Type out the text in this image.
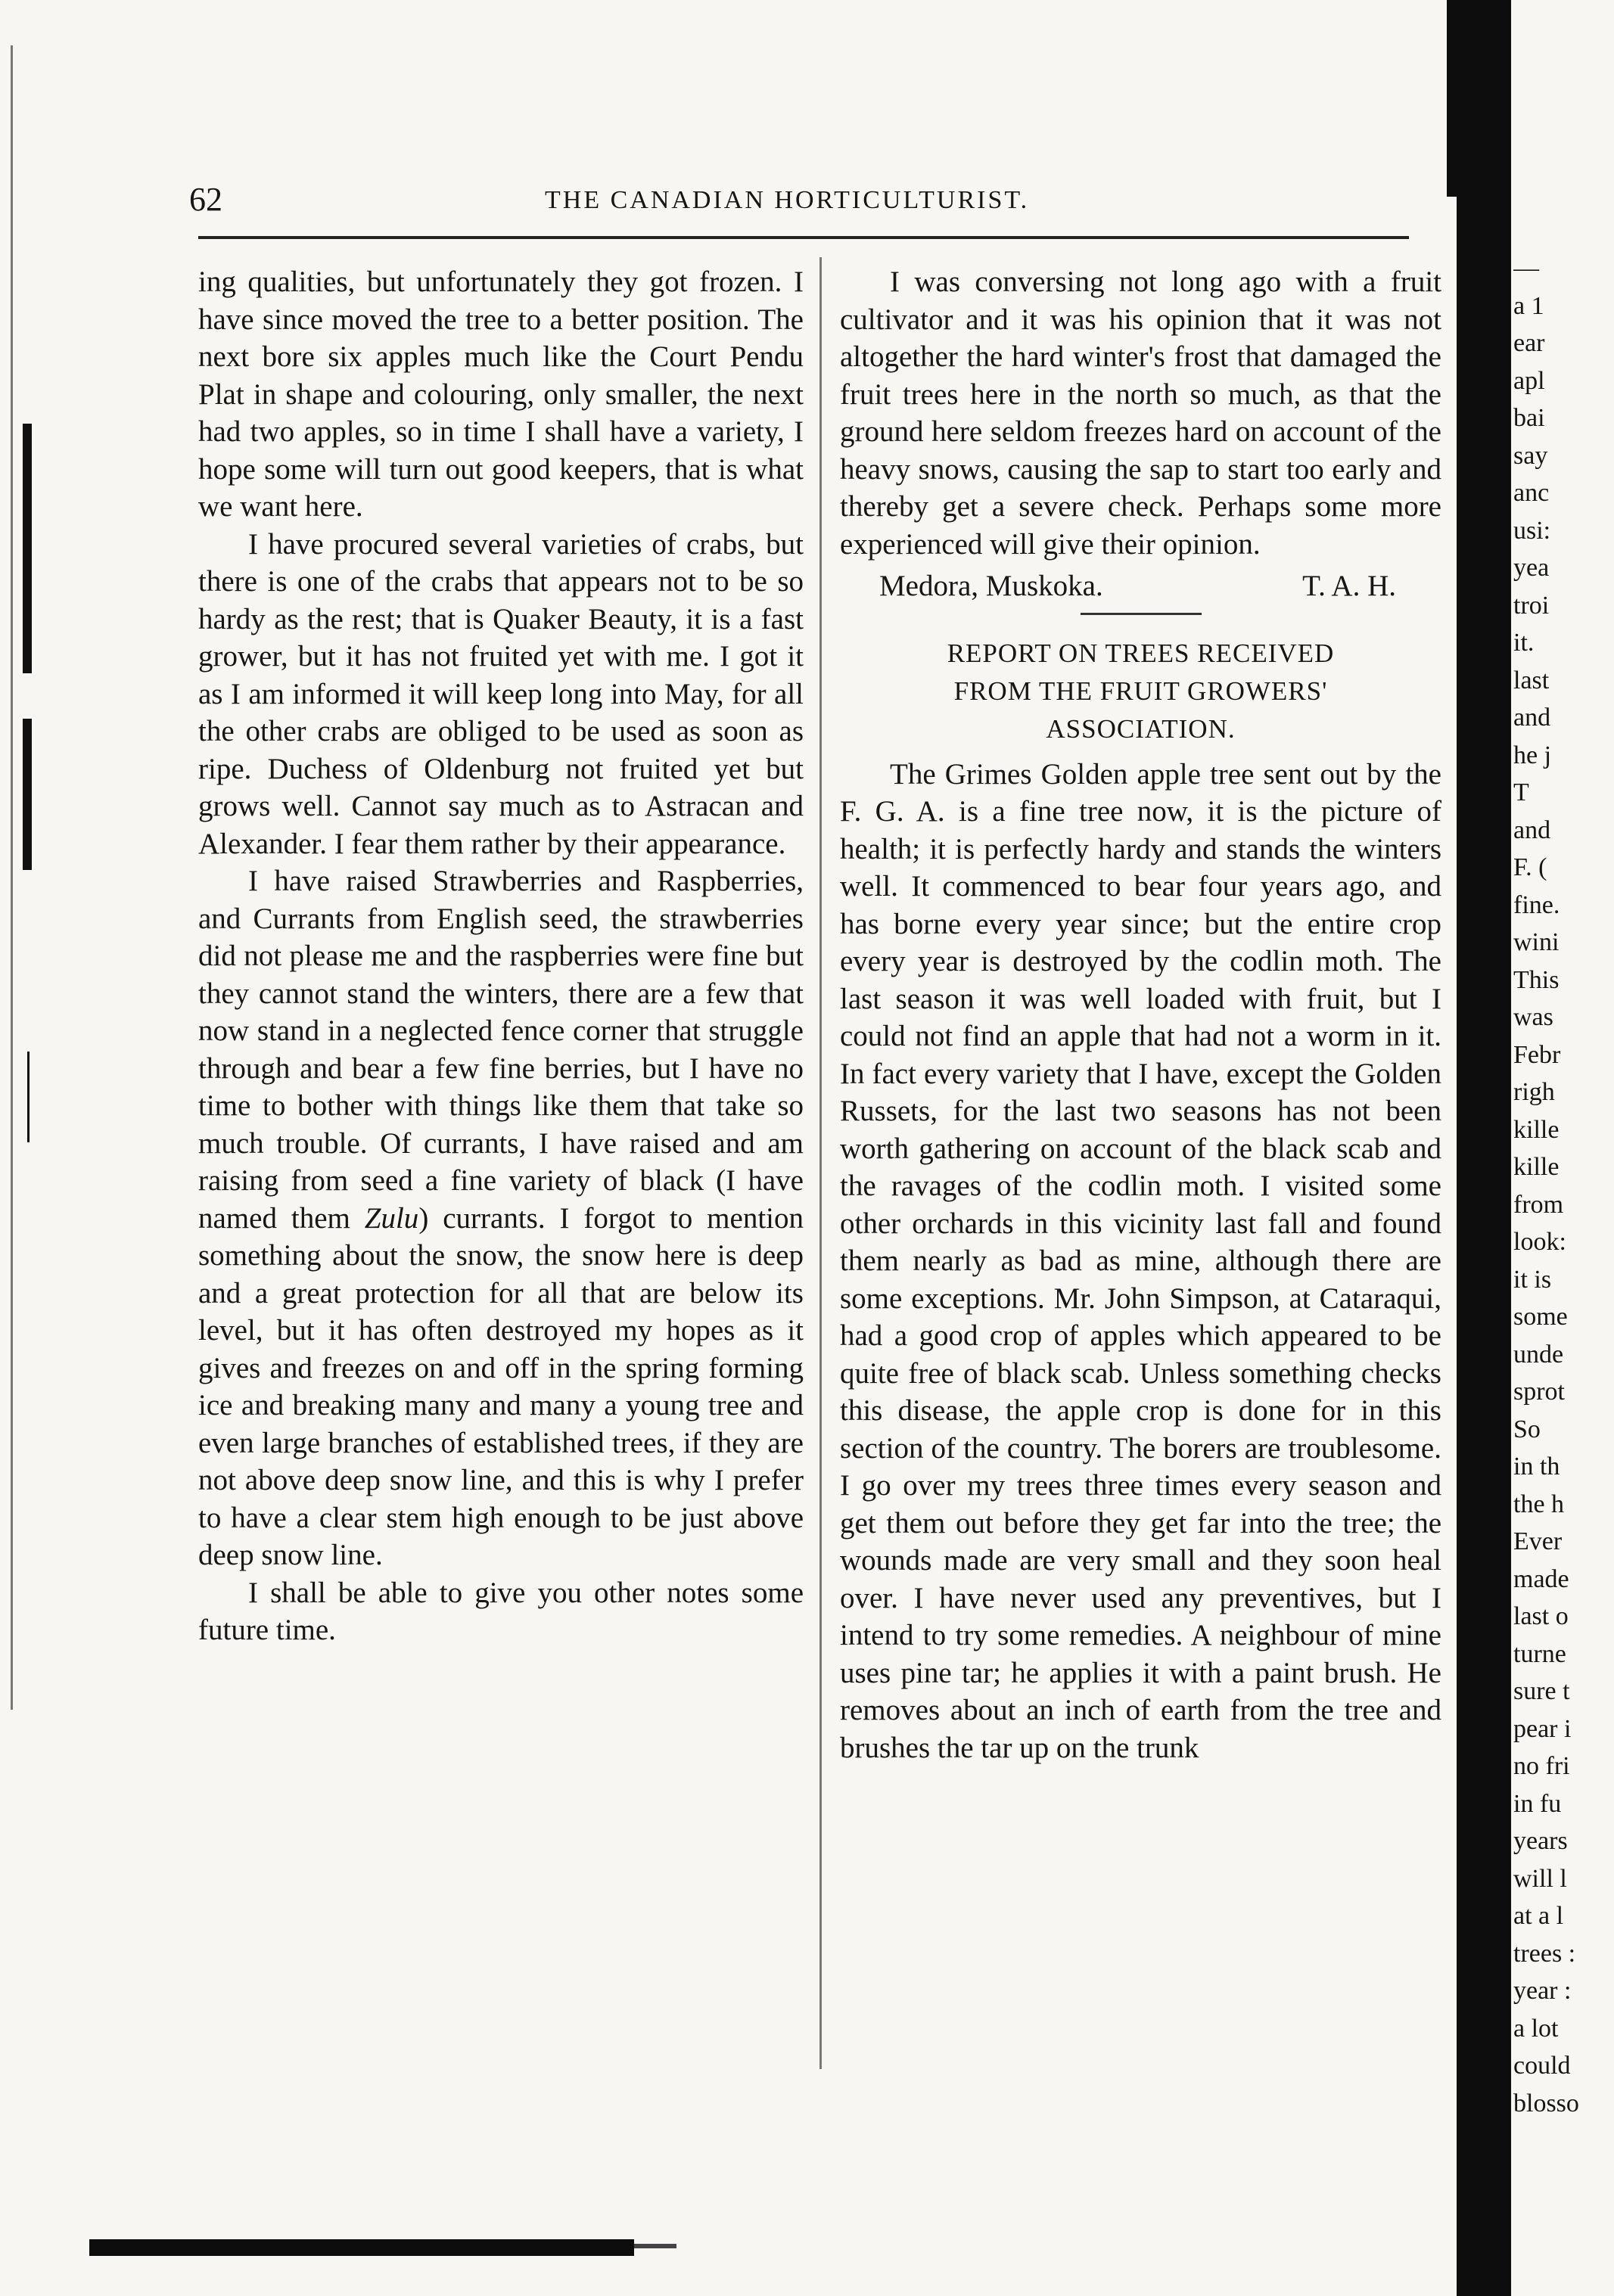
62	THE CANADIAN HORTICULTURIST.

ing qualities, but unfortunately they got frozen. I have since moved the tree to a better position. The next bore six apples much like the Court Pendu Plat in shape and colouring, only smaller, the next had two apples, so in time I shall have a variety, I hope some will turn out good keepers, that is what we want here.

I have procured several varieties of crabs, but there is one of the crabs that appears not to be so hardy as the rest; that is Quaker Beauty, it is a fast grower, but it has not fruited yet with me. I got it as I am informed it will keep long into May, for all the other crabs are obliged to be used as soon as ripe. Duchess of Oldenburg not fruited yet but grows well. Cannot say much as to Astracan and Alexander. I fear them rather by their appearance.

I have raised Strawberries and Raspberries, and Currants from English seed, the strawberries did not please me and the raspberries were fine but they cannot stand the winters, there are a few that now stand in a neglected fence corner that struggle through and bear a few fine berries, but I have no time to bother with things like them that take so much trouble. Of currants, I have raised and am raising from seed a fine variety of black (I have named them Zulu) currants. I forgot to mention something about the snow, the snow here is deep and a great protection for all that are below its level, but it has often destroyed my hopes as it gives and freezes on and off in the spring forming ice and breaking many and many a young tree and even large branches of established trees, if they are not above deep snow line, and this is why I prefer to have a clear stem high enough to be just above deep snow line.

I shall be able to give you other notes some future time.

I was conversing not long ago with a fruit cultivator and it was his opinion that it was not altogether the hard winter's frost that damaged the fruit trees here in the north so much, as that the ground here seldom freezes hard on account of the heavy snows, causing the sap to start too early and thereby get a severe check. Perhaps some more experienced will give their opinion.

Medora, Muskoka.	T. A. H.
REPORT ON TREES RECEIVED
FROM THE FRUIT GROWERS'
ASSOCIATION.

The Grimes Golden apple tree sent out by the F. G. A. is a fine tree now, it is the picture of health; it is perfectly hardy and stands the winters well. It commenced to bear four years ago, and has borne every year since; but the entire crop every year is destroyed by the codlin moth. The last season it was well loaded with fruit, but I could not find an apple that had not a worm in it. In fact every variety that I have, except the Golden Russets, for the last two seasons has not been worth gathering on account of the black scab and the ravages of the codlin moth. I visited some other orchards in this vicinity last fall and found them nearly as bad as mine, although there are some exceptions. Mr. John Simpson, at Cataraqui, had a good crop of apples which appeared to be quite free of black scab. Unless something checks this disease, the apple crop is done for in this section of the country. The borers are troublesome. I go over my trees three times every season and get them out before they get far into the tree; the wounds made are very small and they soon heal over. I have never used any preventives, but I intend to try some remedies. A neighbour of mine uses pine tar; he applies it with a paint brush. He removes about an inch of earth from the tree and brushes the tar up on the trunk

—
a 1
ear
apl
bai
say
anc
usi:
yea
troi
it.
last
and
he j
T
and
F. (
fine.
wini
This
was
Febr
righ
kille
kille
from
look:
it is
some
unde
sprot
So
in th
the h
Ever
made
last o
turne
sure t
pear i
no fri
in fu
years
will l
at a l
trees :
year :
a lot
could
blosso
